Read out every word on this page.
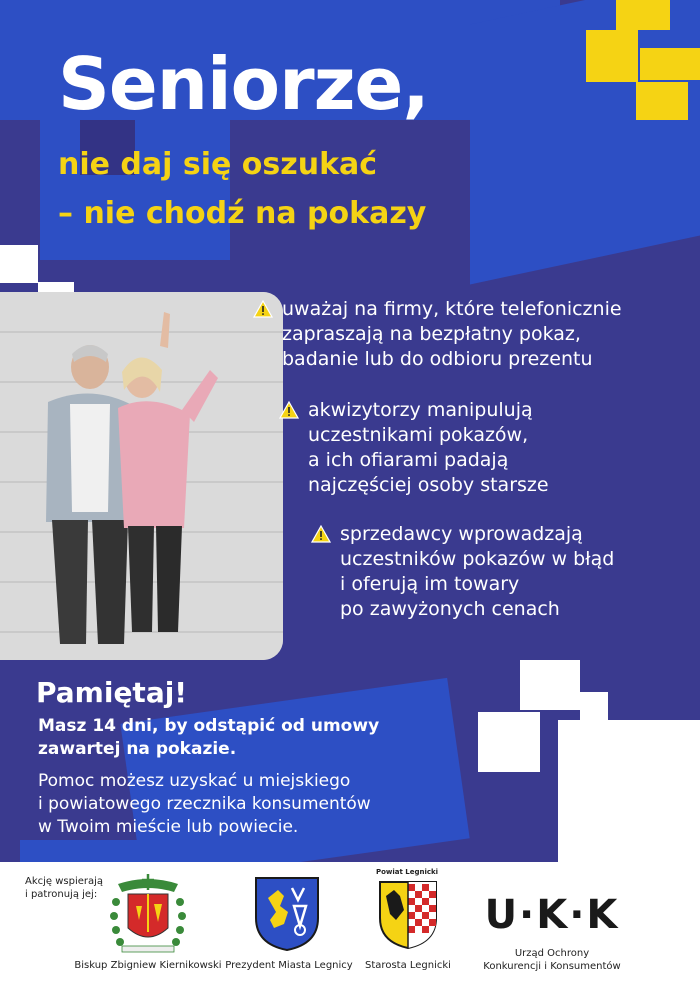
Seniorze,

nie daj się oszukać

– nie chodź na pokazy

uważaj na firmy, które telefonicznie

zapraszają na bezpłatny pokaz,

badanie lub do odbioru prezentu

akwizytorzy manipulują

uczestnikami pokazów,

a ich ofiarami padają

najczęściej osoby starsze

sprzedawcy wprowadzają

uczestników pokazów w błąd

i oferują im towary

po zawyżonych cenach

Pamiętaj!

Masz 14 dni, by odstąpić od umowy

zawartej na pokazie.

Pomoc możesz uzyskać u miejskiego

i powiatowego rzecznika konsumentów

w Twoim mieście lub powiecie.

Akcję wspierają

i patronują jej:

Biskup Zbigniew Kiernikowski Prezydent Miasta Legnicy

Powiat Legnicki

Starosta Legnicki

U·K·K

Urząd Ochrony

Konkurencji i Konsumentów
